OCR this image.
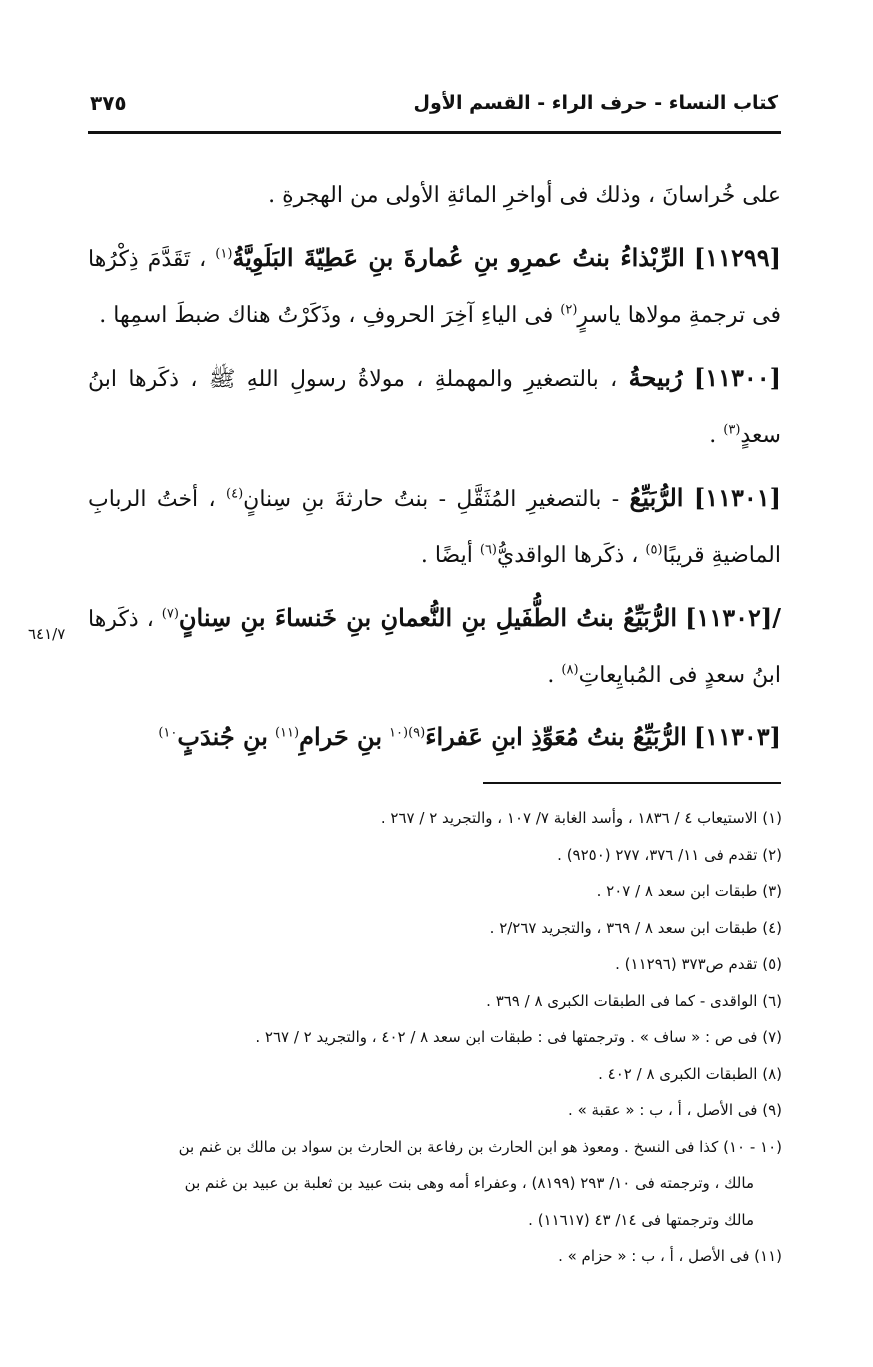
٣٧٥	كتاب النساء - حرف الراء - القسم الأول

على خُراسانَ ، وذلك فى أواخرِ المائةِ الأولى من الهجرةِ .

[١١٢٩٩] الرِّبْذاءُ بنتُ عمرِو بنِ عُمارةَ بنِ عَطِيّةَ البَلَوِيَّةُ$^{(١)}$ ، تَقَدَّمَ ذِكْرُها فى ترجمةِ مولاها ياسرٍ$^{(٢)}$ فى الياءِ آخِرَ الحروفِ ، وذَكَرْتُ هناك ضبطَ اسمِها .

[١١٣٠٠] رُبيحةُ ، بالتصغيرِ والمهملةِ ، مولاةُ رسولِ اللهِ ﷺ ، ذكَرها ابنُ سعدٍ$^{(٣)}$ .

[١١٣٠١] الرُّبَيِّعُ - بالتصغيرِ المُثَقَّلِ - بنتُ حارثةَ بنِ سِنانٍ$^{(٤)}$ ، أختُ الربابِ الماضيةِ قريبًا$^{(٥)}$ ، ذكَرها الواقديُّ$^{(٦)}$ أيضًا .

/[١١٣٠٢] الرُّبَيِّعُ بنتُ الطُّفَيلِ بنِ النُّعمانِ بنِ خَنساءَ بنِ سِنانٍ$^{(٧)}$ ، ذكَرها ابنُ سعدٍ فى المُبايِعاتِ$^{(٨)}$ .

٦٤١/٧
[١١٣٠٣] الرُّبَيِّعُ بنتُ مُعَوِّذِ ابنِ عَفراءَ$^{(٩)(١٠}$ بنِ حَرامِ$^{(١١)}$ بنِ جُندَبٍ$^{١٠)}$
(١) الاستيعاب ٤ / ١٨٣٦ ، وأسد الغابة ٧/ ١٠٧ ، والتجريد ٢ / ٢٦٧ .
(٢) تقدم فى ١١/ ٣٧٦، ٢٧٧ (٩٢٥٠) .
(٣) طبقات ابن سعد ٨ / ٢٠٧ .
(٤) طبقات ابن سعد ٨ / ٣٦٩ ، والتجريد ٢/٢٦٧ .
(٥) تقدم ص٣٧٣ (١١٢٩٦) .
(٦) الواقدى - كما فى الطبقات الكبرى ٨ / ٣٦٩ .
(٧) فى ص : « ساف » . وترجمتها فى : طبقات ابن سعد ٨ / ٤٠٢ ، والتجريد ٢ / ٢٦٧ .
(٨) الطبقات الكبرى ٨ / ٤٠٢ .
(٩) فى الأصل ، أ ، ب : « عقبة » .
(١٠ - ١٠) كذا فى النسخ . ومعوذ هو ابن الحارث بن رفاعة بن الحارث بن سواد بن مالك بن غنم بن
مالك ، وترجمته فى ١٠/ ٢٩٣ (٨١٩٩) ، وعفراء أمه وهى بنت عبيد بن ثعلبة بن عبيد بن غنم بن
مالك وترجمتها فى ١٤/ ٤٣ (١١٦١٧) .
(١١) فى الأصل ، أ ، ب : « حزام » .
